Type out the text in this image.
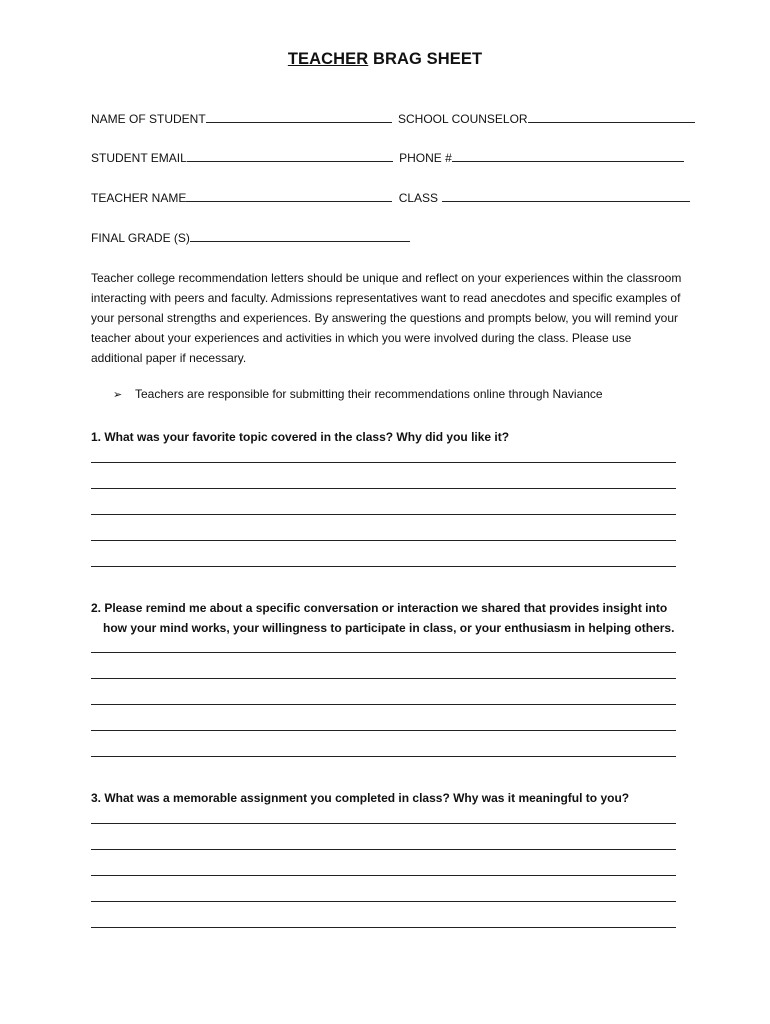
TEACHER BRAG SHEET
NAME OF STUDENT	SCHOOL COUNSELOR
STUDENT EMAIL	PHONE #
TEACHER NAME	CLASS
FINAL GRADE (S)
Teacher college recommendation letters should be unique and reflect on your experiences within the classroom interacting with peers and faculty. Admissions representatives want to read anecdotes and specific examples of your personal strengths and experiences. By answering the questions and prompts below, you will remind your teacher about your experiences and activities in which you were involved during the class. Please use additional paper if necessary.
➢ Teachers are responsible for submitting their recommendations online through Naviance
1. What was your favorite topic covered in the class? Why did you like it?
2. Please remind me about a specific conversation or interaction we shared that provides insight into
how your mind works, your willingness to participate in class, or your enthusiasm in helping others.
3. What was a memorable assignment you completed in class? Why was it meaningful to you?
